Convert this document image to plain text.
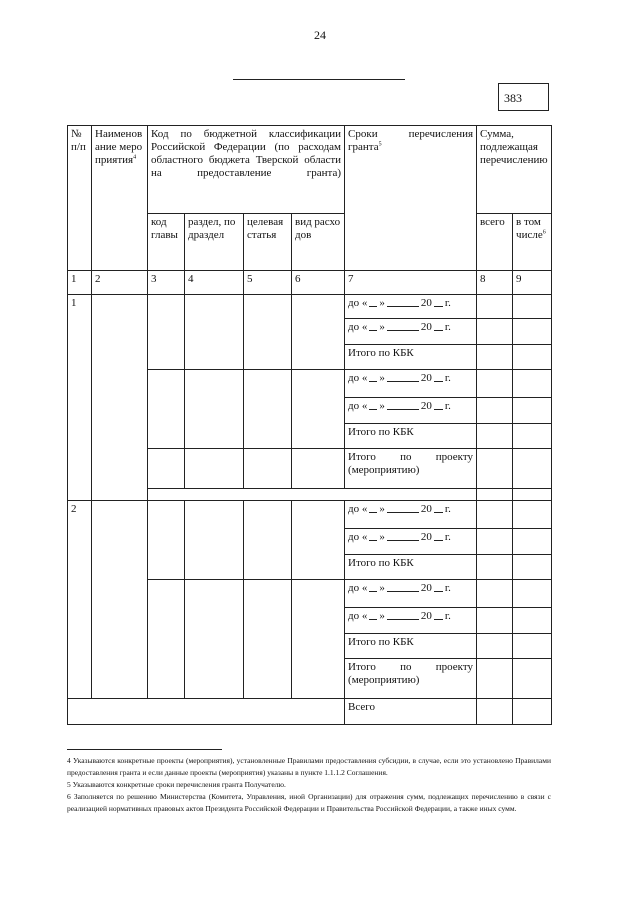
24
383
№ п/п	Наименование мероприятия$^4$	Код по бюджетной классификации Российской Федерации (по расходам областного бюджета Тверской области на предоставление гранта)				Сроки перечисления гранта$^5$	Сумма, подлежащая перечислению	
		код главы	раздел, подраздел	целевая статья	вид расходов		всего	в том числе$^6$
1	2	3	4	5	6	7	8	9
1						до « » 20 г.		

						до « » 20 г.		

						Итого по КБК		

						до « » 20 г.		

						до « » 20 г.		

						Итого по КБК		
						Итого по проекту (мероприятию)		

2						до « » 20 г.		

						до « » 20 г.		

						Итого по КБК		

						до « » 20 г.		

						до « » 20 г.		

						Итого по КБК		
						Итого по проекту (мероприятию)		
						Всего		

4 Указываются конкретные проекты (мероприятия), установленные Правилами предоставления субсидии, в случае, если это установлено Правилами предоставления гранта и если данные проекты (мероприятия) указаны в пункте 1.1.1.2 Соглашения.

5 Указываются конкретные сроки перечисления гранта Получателю.

6 Заполняется по решению Министерства (Комитета, Управления, иной Организации) для отражения сумм, подлежащих перечислению в связи с реализацией нормативных правовых актов Президента Российской Федерации и Правительства Российской Федерации, а также иных сумм.
